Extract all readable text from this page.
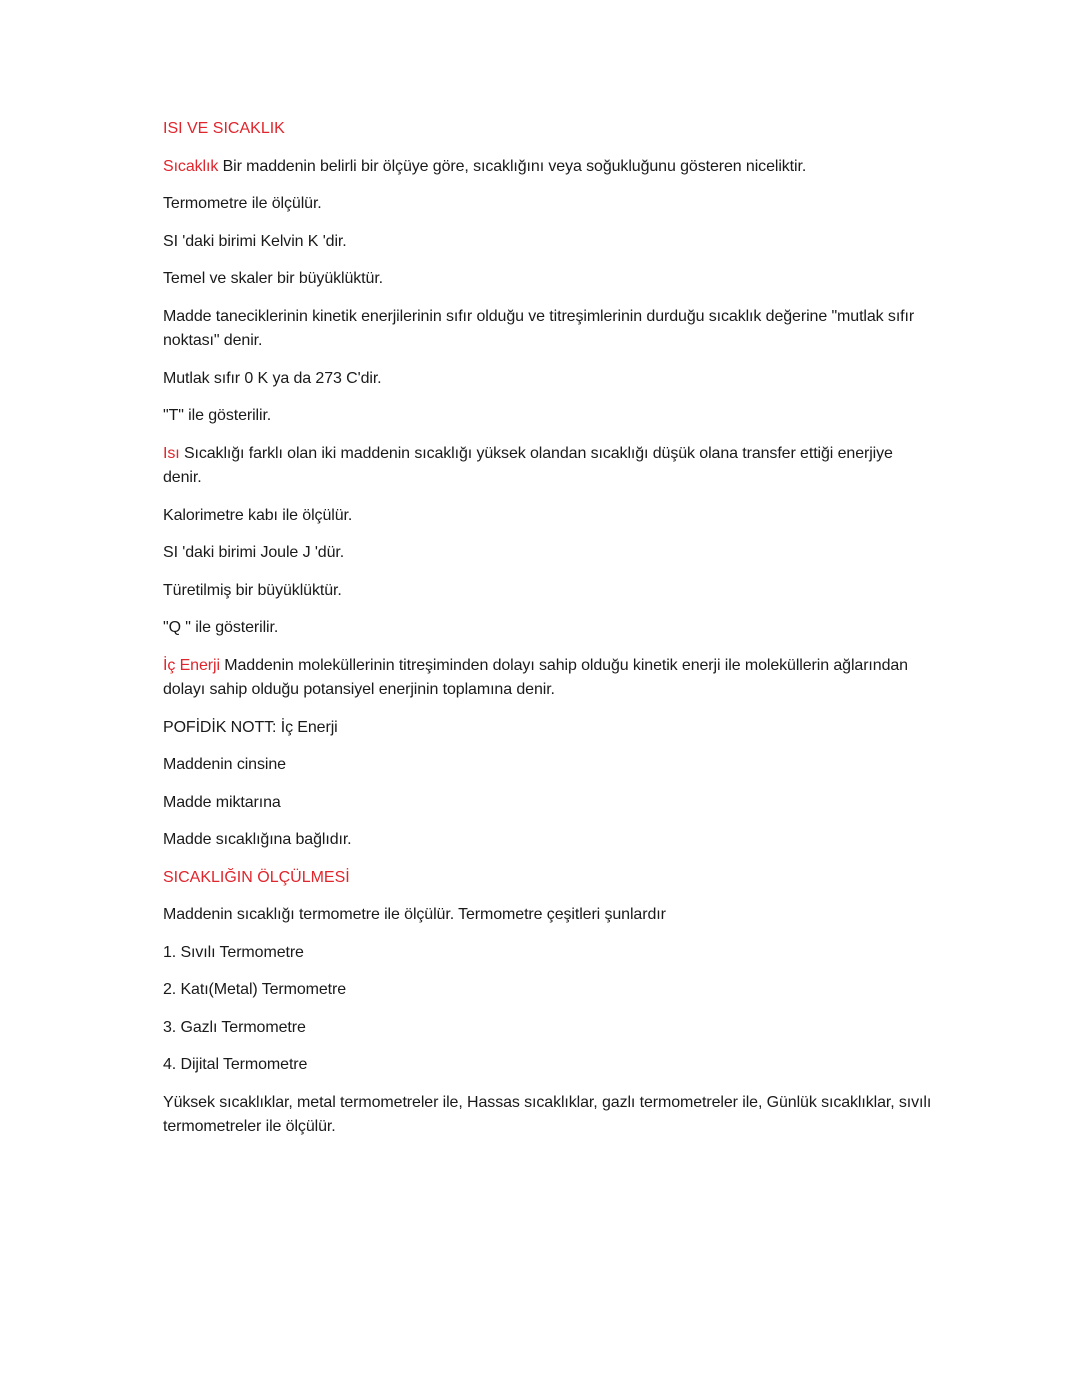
ISI VE SICAKLIK

Sıcaklık Bir maddenin belirli bir ölçüye göre, sıcaklığını veya soğukluğunu gösteren niceliktir.

Termometre ile ölçülür.

SI 'daki birimi Kelvin K 'dir.

Temel ve skaler bir büyüklüktür.

Madde taneciklerinin kinetik enerjilerinin sıfır olduğu ve titreşimlerinin durduğu sıcaklık değerine "mutlak sıfır noktası" denir.

Mutlak sıfır 0 K ya da 273 C'dir.

"T" ile gösterilir.

Isı Sıcaklığı farklı olan iki maddenin sıcaklığı yüksek olandan sıcaklığı düşük olana transfer ettiği enerjiye denir.

Kalorimetre kabı ile ölçülür.

SI 'daki birimi Joule J 'dür.

Türetilmiş bir büyüklüktür.

"Q " ile gösterilir.

İç Enerji Maddenin moleküllerinin titreşiminden dolayı sahip olduğu kinetik enerji ile moleküllerin ağlarından dolayı sahip olduğu potansiyel enerjinin toplamına denir.

POFİDİK NOTT: İç Enerji

Maddenin cinsine

Madde miktarına

Madde sıcaklığına bağlıdır.

SICAKLIĞIN ÖLÇÜLMESİ

Maddenin sıcaklığı termometre ile ölçülür. Termometre çeşitleri şunlardır

1. Sıvılı Termometre

2. Katı(Metal) Termometre

3. Gazlı Termometre

4. Dijital Termometre

Yüksek sıcaklıklar, metal termometreler ile, Hassas sıcaklıklar, gazlı termometreler ile, Günlük sıcaklıklar, sıvılı termometreler ile ölçülür.
